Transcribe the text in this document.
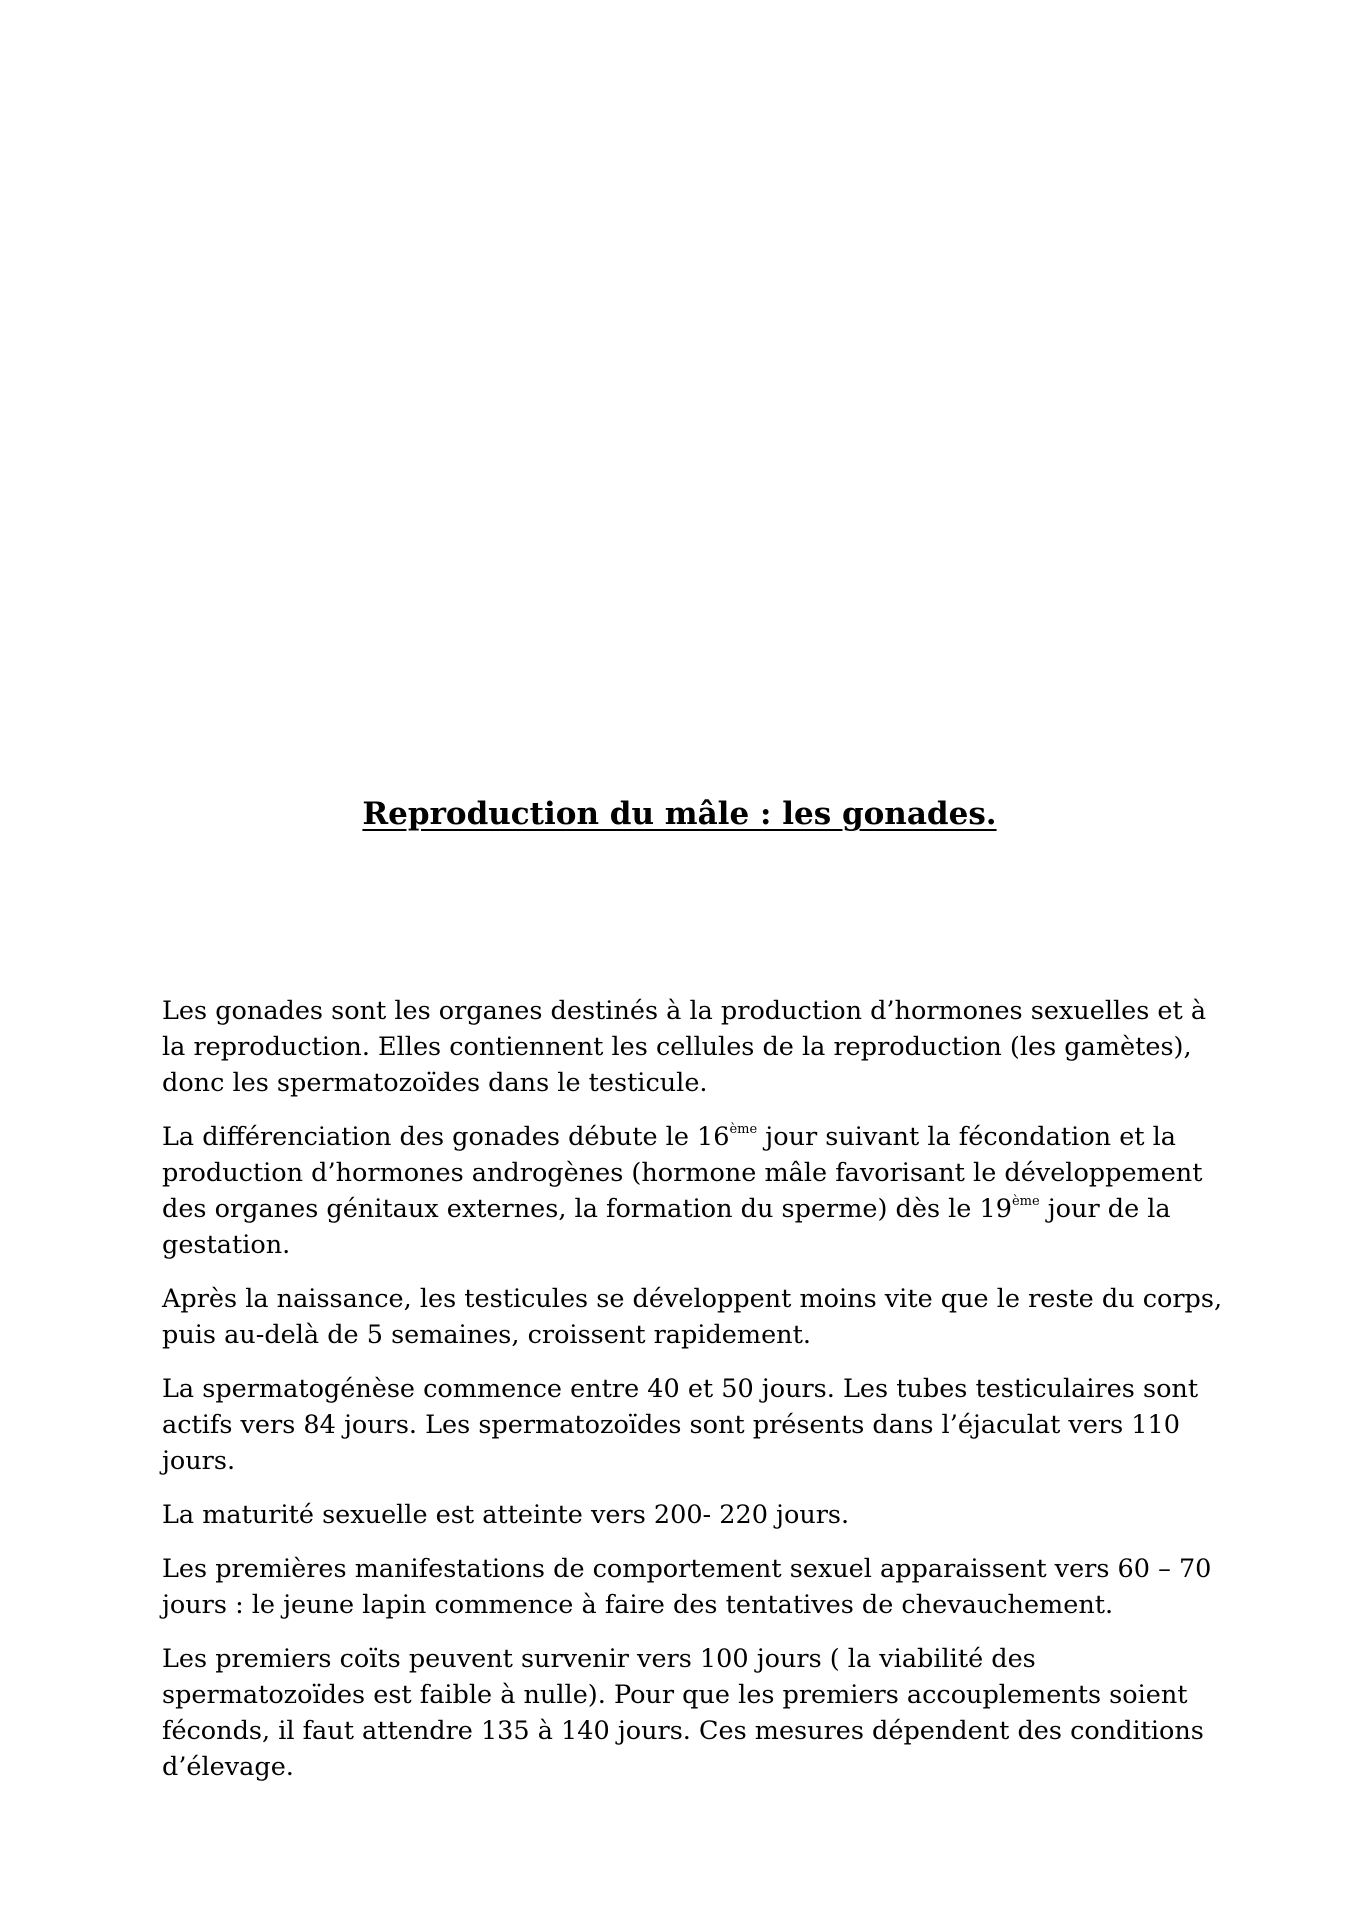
Reproduction du mâle : les gonades.

Les gonades sont les organes destinés à la production d’hormones sexuelles et à la reproduction. Elles contiennent les cellules de la reproduction (les gamètes), donc les spermatozoïdes dans le testicule.

La différenciation des gonades débute le 16ème jour suivant la fécondation et la production d’hormones androgènes (hormone mâle favorisant le développement des organes génitaux externes, la formation du sperme) dès le 19ème jour de la gestation.

Après la naissance, les testicules se développent moins vite que le reste du corps, puis au-delà de 5 semaines, croissent rapidement.

La spermatogénèse commence entre 40 et 50 jours. Les tubes testiculaires sont actifs vers 84 jours. Les spermatozoïdes sont présents dans l’éjaculat vers 110 jours.

La maturité sexuelle est atteinte vers 200- 220 jours.

Les premières manifestations de comportement sexuel apparaissent vers 60 – 70 jours : le jeune lapin commence à faire des tentatives de chevauchement.

Les premiers coïts peuvent survenir vers 100 jours ( la viabilité des spermatozoïdes est faible à nulle). Pour que les premiers accouplements soient féconds, il faut attendre 135 à 140 jours. Ces mesures dépendent des conditions d’élevage.
